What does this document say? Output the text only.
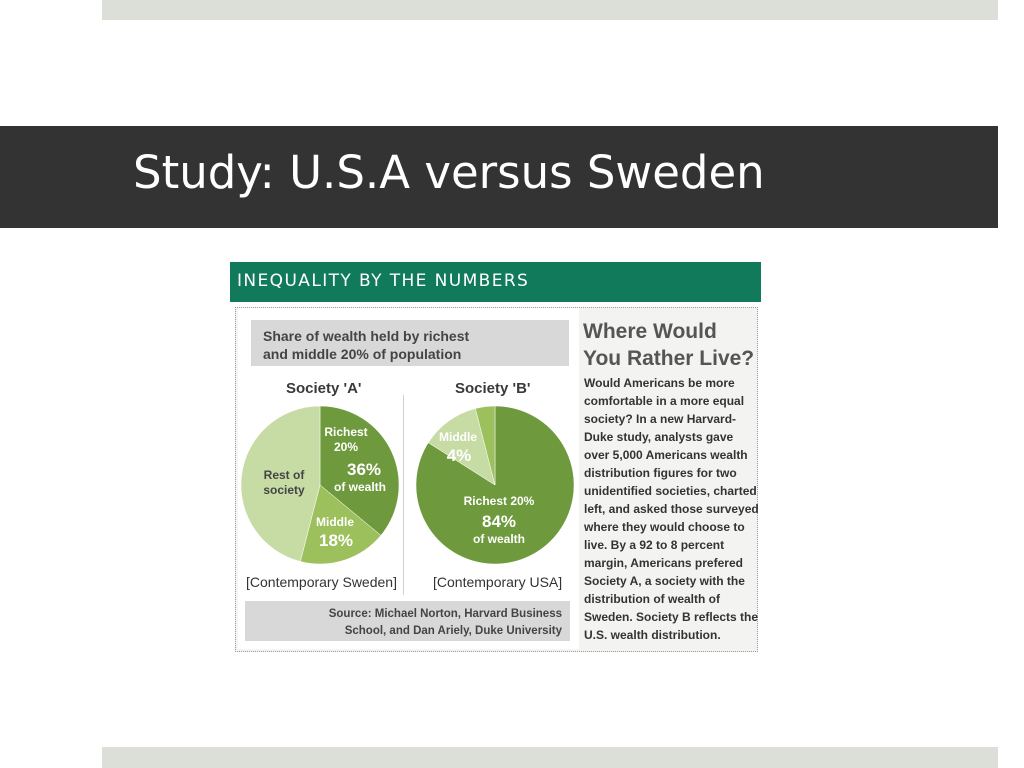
Study: U.S.A versus Sweden
INEQUALITY BY THE NUMBERS
Share of wealth held by richest
and middle 20% of population
Society 'A'	Society 'B'
Richest
20%
36%
of wealth
Middle
18%
Rest of
society
Middle
4%
Richest 20%
84%
of wealth
[Contemporary Sweden]	[Contemporary USA]
Source: Michael Norton, Harvard Business
School, and Dan Ariely, Duke University
Where Would
You Rather Live?
Would Americans be more comfortable in a more equal society? In a new Harvard-Duke study, analysts gave over 5,000 Americans wealth distribution figures for two unidentified societies, charted left, and asked those surveyed where they would choose to live. By a 92 to 8 percent margin, Americans prefered Society A, a society with the distribution of wealth of Sweden. Society B reflects the U.S. wealth distribution.
